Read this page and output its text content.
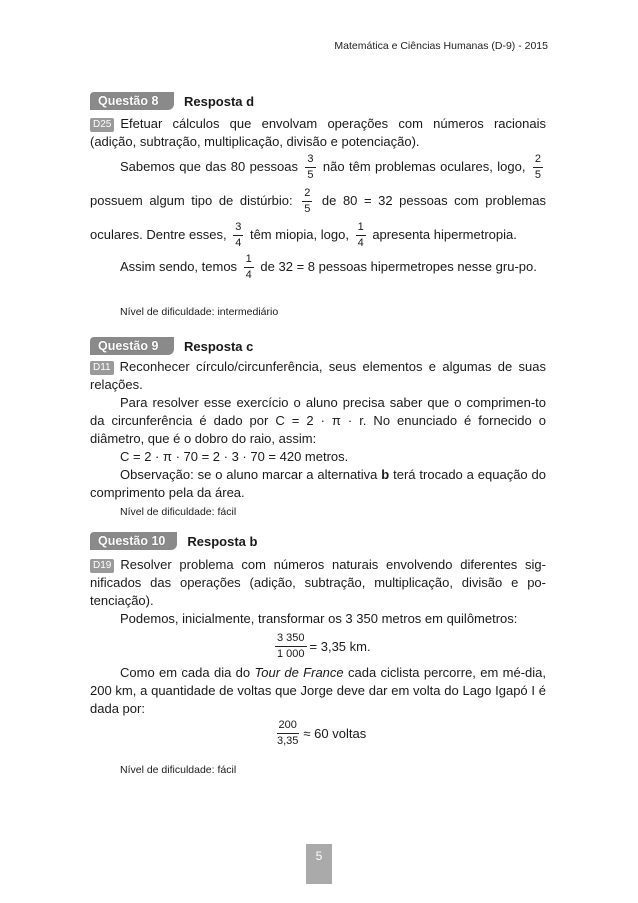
Matemática e Ciências Humanas (D-9) - 2015
Questão 8	Resposta d

D25 Efetuar cálculos que envolvam operações com números racionais (adição, subtração, multiplicação, divisão e potenciação).

Sabemos que das 80 pessoas $\frac{3}{5}$ não têm problemas oculares, logo, $\frac{2}{5}$
possuem algum tipo de distúrbio: $\frac{2}{5}$ de 80 = 32 pessoas com problemas oculares. Dentre esses, $\frac{3}{4}$ têm miopia, logo, $\frac{1}{4}$ apresenta hipermetropia.

Assim sendo, temos $\frac{1}{4}$ de 32 = 8 pessoas hipermetropes nesse gru-po.

Nível de dificuldade: intermediário

Questão 9	Resposta c

D11 Reconhecer círculo/circunferência, seus elementos e algumas de suas relações.

Para resolver esse exercício o aluno precisa saber que o comprimen-to da circunferência é dado por C = 2 · π · r. No enunciado é fornecido o diâmetro, que é o dobro do raio, assim:

C = 2 · π · 70 = 2 · 3 · 70 = 420 metros.

Observação: se o aluno marcar a alternativa b terá trocado a equação do comprimento pela da área.

Nível de dificuldade: fácil

Questão 10	Resposta b

D19 Resolver problema com números naturais envolvendo diferentes sig-nificados das operações (adição, subtração, multiplicação, divisão e po-tenciação).

Podemos, inicialmente, transformar os 3 350 metros em quilômetros:

$\frac{3 350}{1 000} = 3,35$ km.

Como em cada dia do Tour de France cada ciclista percorre, em mé-dia, 200 km, a quantidade de voltas que Jorge deve dar em volta do Lago Igapó I é dada por:

$\frac{200}{3,35} \approx 60$ voltas

Nível de dificuldade: fácil

5
